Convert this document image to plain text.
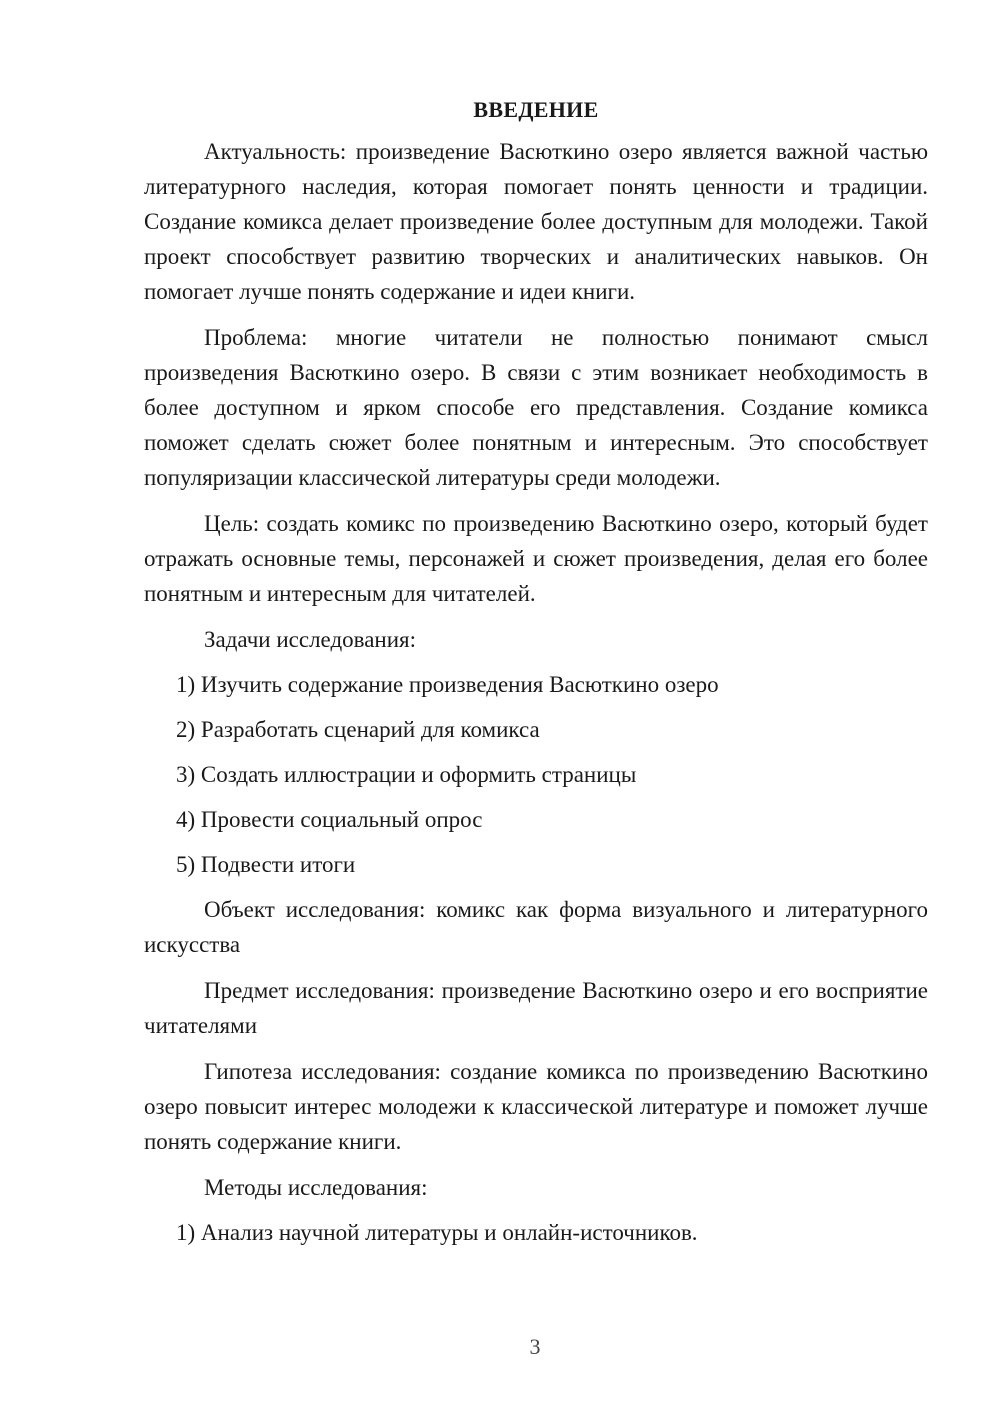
ВВЕДЕНИЕ

Актуальность: произведение Васюткино озеро является важной частью литературного наследия, которая помогает понять ценности и традиции. Создание комикса делает произведение более доступным для молодежи. Такой проект способствует развитию творческих и аналитических навыков. Он помогает лучше понять содержание и идеи книги.

Проблема: многие читатели не полностью понимают смысл произведения Васюткино озеро. В связи с этим возникает необходимость в более доступном и ярком способе его представления. Создание комикса поможет сделать сюжет более понятным и интересным. Это способствует популяризации классической литературы среди молодежи.

Цель: создать комикс по произведению Васюткино озеро, который будет отражать основные темы, персонажей и сюжет произведения, делая его более понятным и интересным для читателей.

Задачи исследования:

1) Изучить содержание произведения Васюткино озеро

2) Разработать сценарий для комикса

3) Создать иллюстрации и оформить страницы

4) Провести социальный опрос

5) Подвести итоги

Объект исследования: комикс как форма визуального и литературного искусства

Предмет исследования: произведение Васюткино озеро и его восприятие читателями

Гипотеза исследования: создание комикса по произведению Васюткино озеро повысит интерес молодежи к классической литературе и поможет лучше понять содержание книги.

Методы исследования:

1) Анализ научной литературы и онлайн-источников.

3
